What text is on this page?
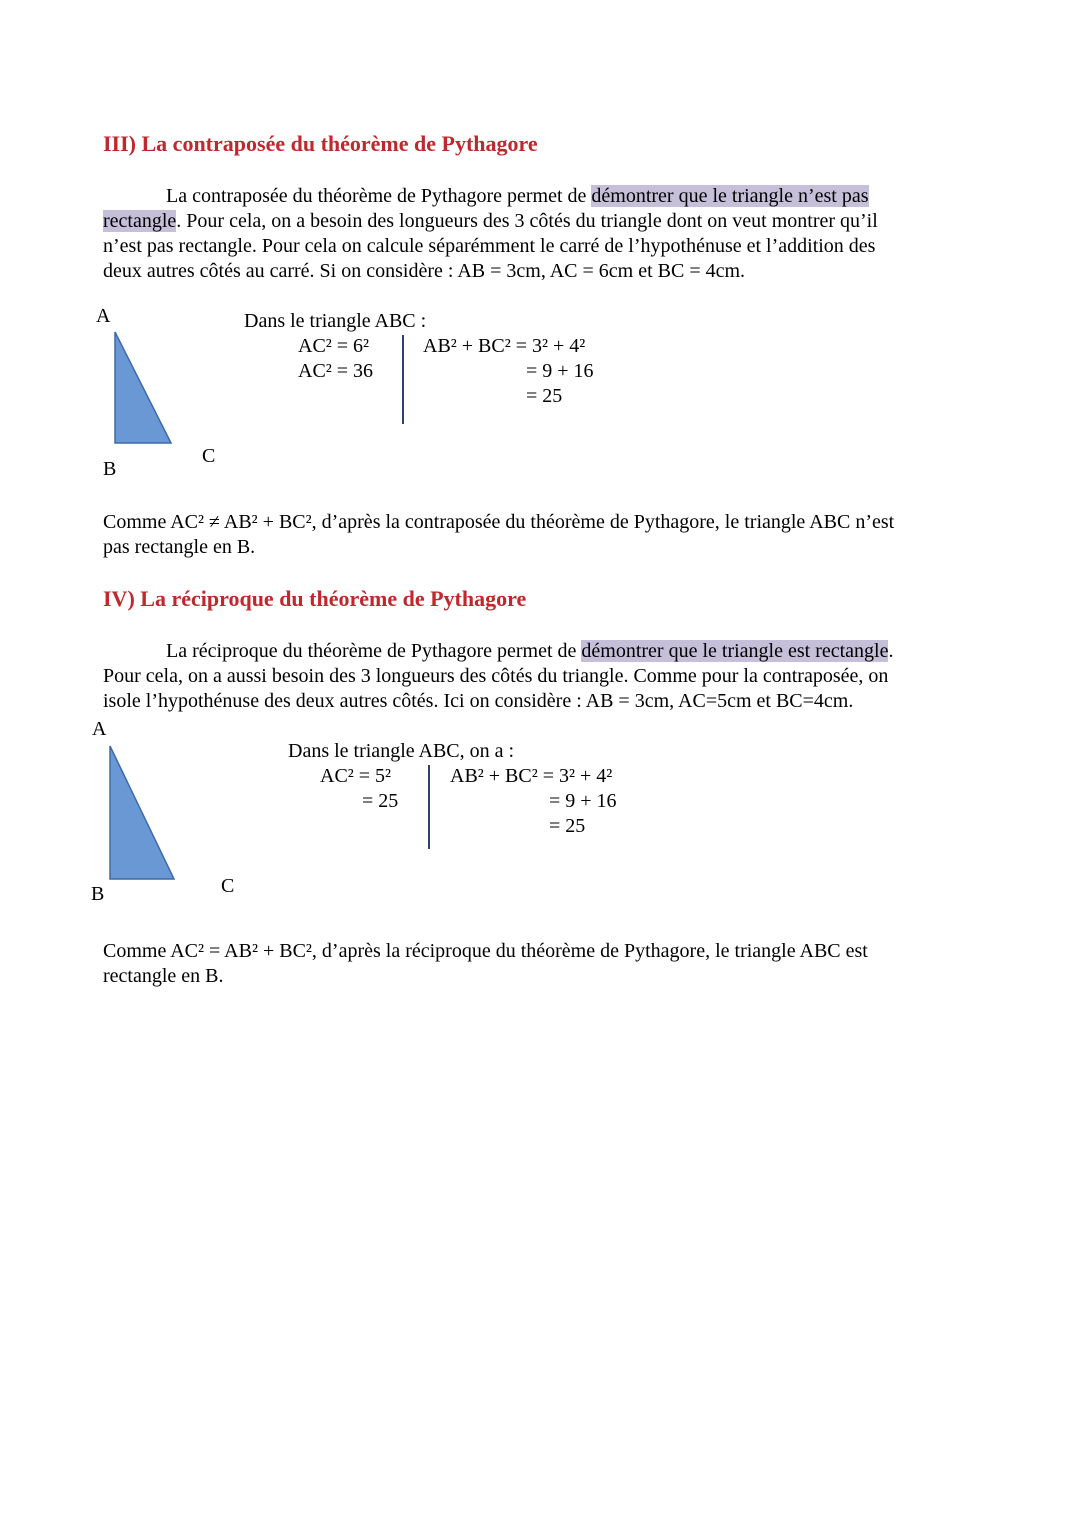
III) La contraposée du théorème de Pythagore
La contraposée du théorème de Pythagore permet de démontrer que le triangle n’est pas
rectangle. Pour cela, on a besoin des longueurs des 3 côtés du triangle dont on veut montrer qu’il
n’est pas rectangle. Pour cela on calcule séparémment le carré de l’hypothénuse et l’addition des
deux autres côtés au carré. Si on considère : AB = 3cm, AC = 6cm et BC = 4cm.
A
B
C
Dans le triangle ABC :
AC² = 6²
AC² = 36
AB² + BC² = 3² + 4²
= 9 + 16
= 25
Comme AC² ≠ AB² + BC², d’après la contraposée du théorème de Pythagore, le triangle ABC n’est
pas rectangle en B.
IV) La réciproque du théorème de Pythagore
La réciproque du théorème de Pythagore permet de démontrer que le triangle est rectangle.
Pour cela, on a aussi besoin des 3 longueurs des côtés du triangle. Comme pour la contraposée, on
isole l’hypothénuse des deux autres côtés. Ici on considère : AB = 3cm, AC=5cm et BC=4cm.
A
B	C
Dans le triangle ABC, on a :
AC² = 5²
= 25
AB² + BC² = 3² + 4²
= 9 + 16
= 25
Comme AC² = AB² + BC², d’après la réciproque du théorème de Pythagore, le triangle ABC est
rectangle en B.
